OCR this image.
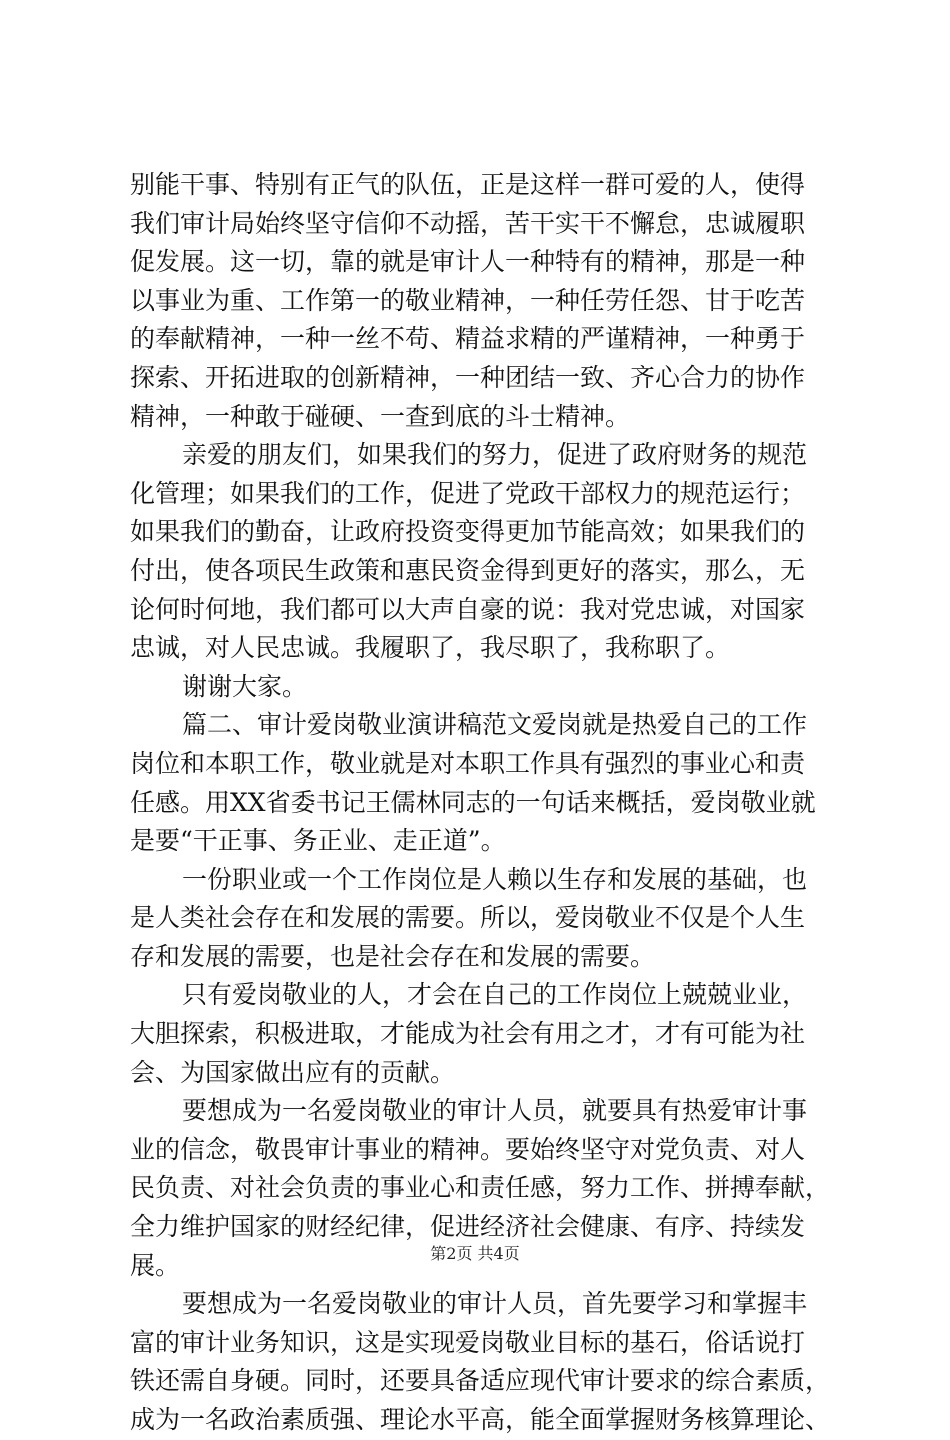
别能干事、特别有正气的队伍，正是这样一群可爱的人，使得
我们审计局始终坚守信仰不动摇，苦干实干不懈怠，忠诚履职
促发展。这一切，靠的就是审计人一种特有的精神，那是一种
以事业为重、工作第一的敬业精神，一种任劳任怨、甘于吃苦
的奉献精神，一种一丝不苟、精益求精的严谨精神，一种勇于
探索、开拓进取的创新精神，一种团结一致、齐心合力的协作
精神，一种敢于碰硬、一查到底的斗士精神。
亲爱的朋友们，如果我们的努力，促进了政府财务的规范
化管理；如果我们的工作，促进了党政干部权力的规范运行；
如果我们的勤奋，让政府投资变得更加节能高效；如果我们的
付出，使各项民生政策和惠民资金得到更好的落实，那么，无
论何时何地，我们都可以大声自豪的说：我对党忠诚，对国家
忠诚，对人民忠诚。我履职了，我尽职了，我称职了。
谢谢大家。
篇二、审计爱岗敬业演讲稿范文爱岗就是热爱自己的工作
岗位和本职工作，敬业就是对本职工作具有强烈的事业心和责
任感。用XX省委书记王儒林同志的一句话来概括，爱岗敬业就
是要“干正事、务正业、走正道”。
一份职业或一个工作岗位是人赖以生存和发展的基础，也
是人类社会存在和发展的需要。所以，爱岗敬业不仅是个人生
存和发展的需要，也是社会存在和发展的需要。
只有爱岗敬业的人，才会在自己的工作岗位上兢兢业业，
大胆探索，积极进取，才能成为社会有用之才，才有可能为社
会、为国家做出应有的贡献。
要想成为一名爱岗敬业的审计人员，就要具有热爱审计事
业的信念，敬畏审计事业的精神。要始终坚守对党负责、对人
民负责、对社会负责的事业心和责任感，努力工作、拼搏奉献，
全力维护国家的财经纪律，促进经济社会健康、有序、持续发
展。
要想成为一名爱岗敬业的审计人员，首先要学习和掌握丰
富的审计业务知识，这是实现爱岗敬业目标的基石，俗话说打
铁还需自身硬。同时，还要具备适应现代审计要求的综合素质，
成为一名政治素质强、理论水平高，能全面掌握财务核算理论、
第2页 共4页
